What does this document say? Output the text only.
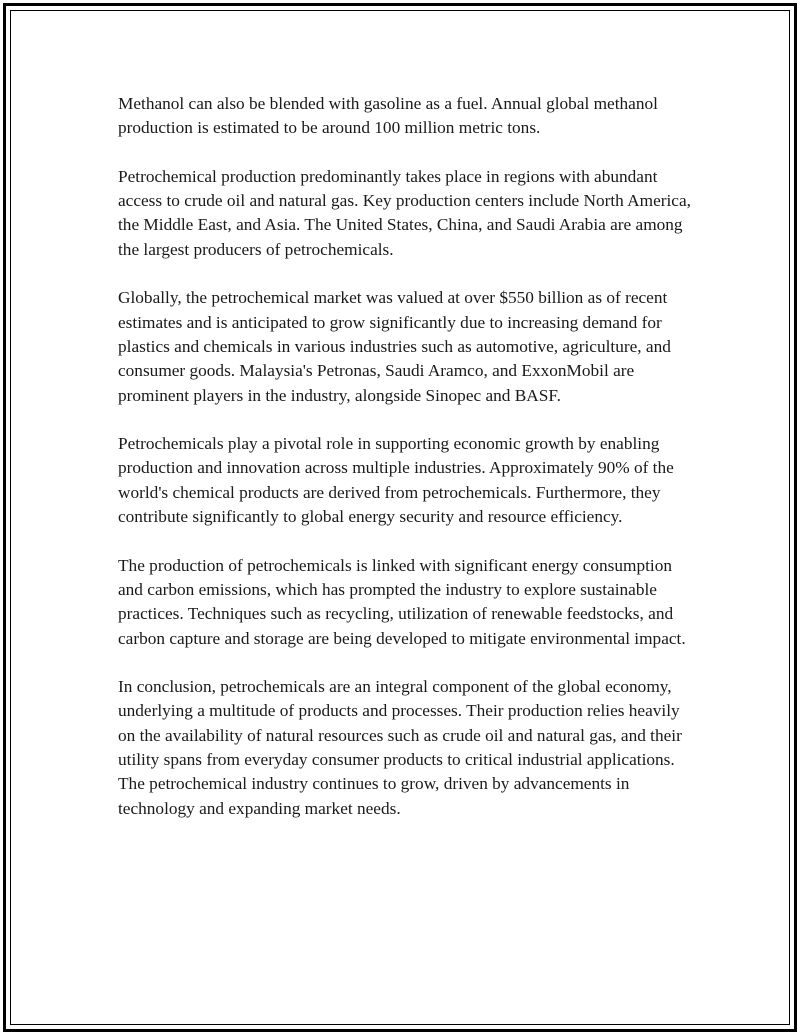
Methanol can also be blended with gasoline as a fuel. Annual global methanol production is estimated to be around 100 million metric tons.

Petrochemical production predominantly takes place in regions with abundant access to crude oil and natural gas. Key production centers include North America, the Middle East, and Asia. The United States, China, and Saudi Arabia are among the largest producers of petrochemicals.

Globally, the petrochemical market was valued at over $550 billion as of recent estimates and is anticipated to grow significantly due to increasing demand for plastics and chemicals in various industries such as automotive, agriculture, and consumer goods. Malaysia's Petronas, Saudi Aramco, and ExxonMobil are prominent players in the industry, alongside Sinopec and BASF.

Petrochemicals play a pivotal role in supporting economic growth by enabling production and innovation across multiple industries. Approximately 90% of the world's chemical products are derived from petrochemicals. Furthermore, they contribute significantly to global energy security and resource efficiency.

The production of petrochemicals is linked with significant energy consumption and carbon emissions, which has prompted the industry to explore sustainable practices. Techniques such as recycling, utilization of renewable feedstocks, and carbon capture and storage are being developed to mitigate environmental impact.

In conclusion, petrochemicals are an integral component of the global economy, underlying a multitude of products and processes. Their production relies heavily on the availability of natural resources such as crude oil and natural gas, and their utility spans from everyday consumer products to critical industrial applications. The petrochemical industry continues to grow, driven by advancements in technology and expanding market needs.
